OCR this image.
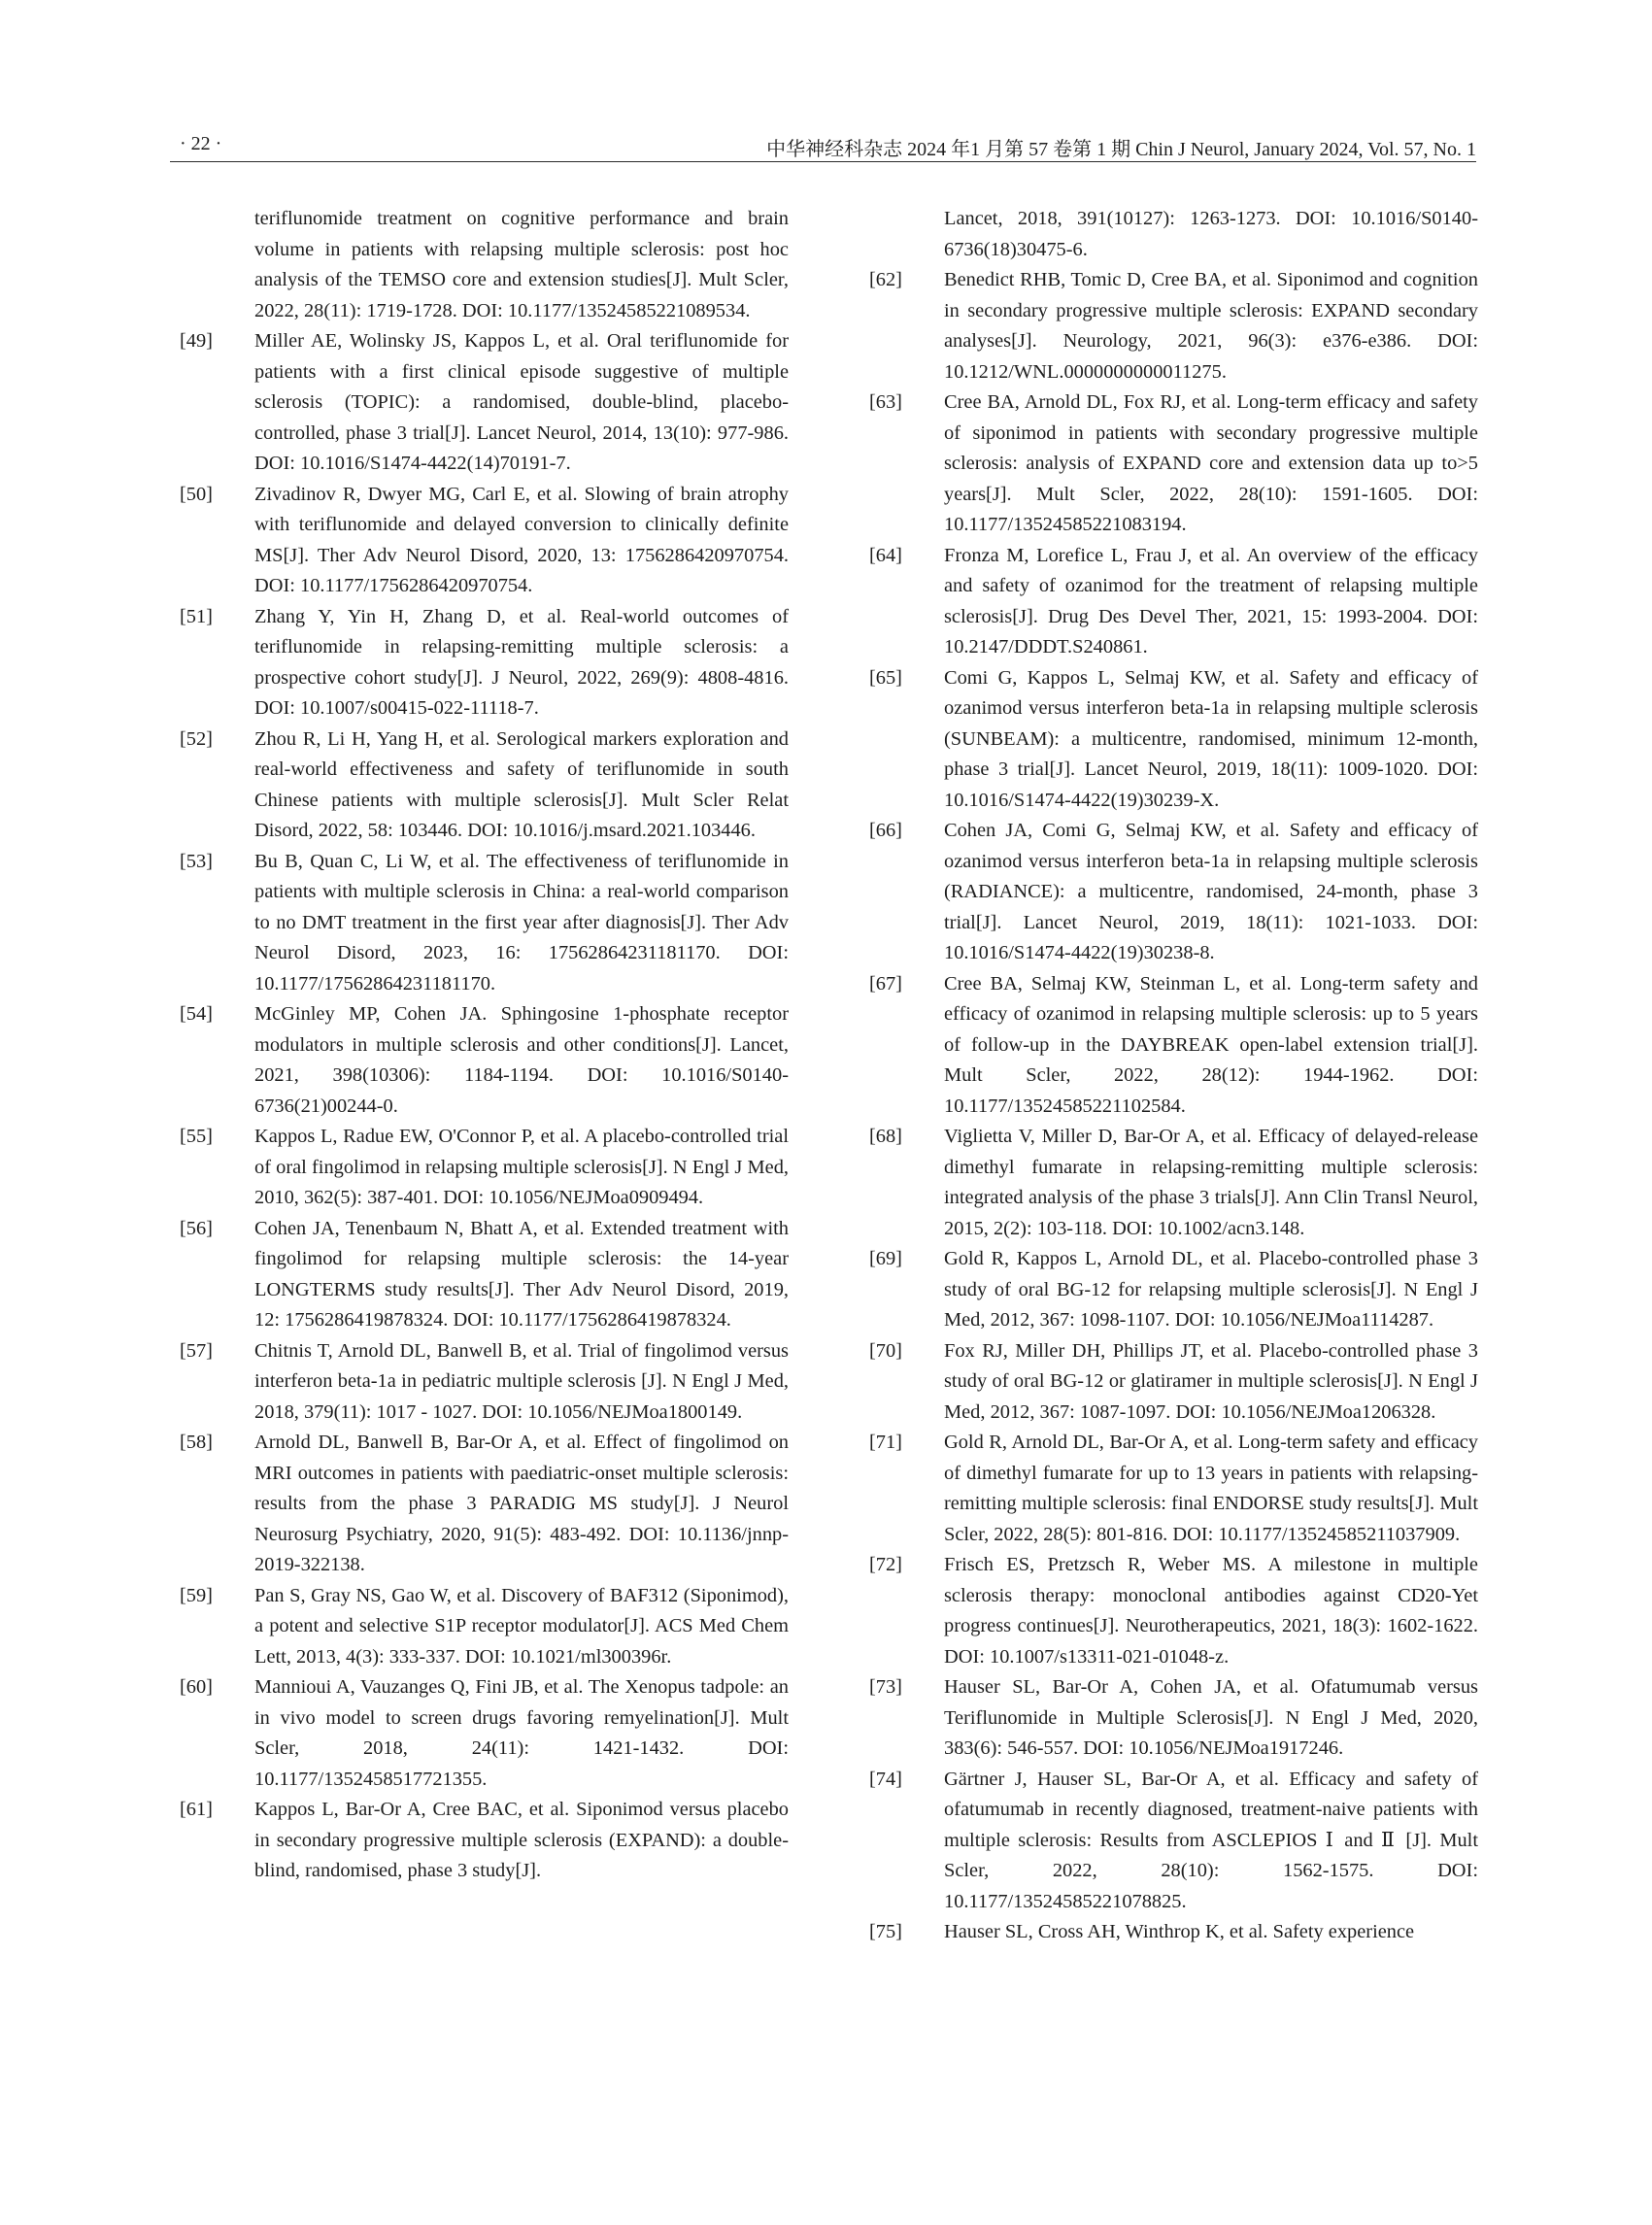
· 22 ·	中华神经科杂志 2024 年1 月第 57 卷第 1 期 Chin J Neurol, January 2024, Vol. 57, No. 1

teriflunomide treatment on cognitive performance and brain volume in patients with relapsing multiple sclerosis: post hoc analysis of the TEMSO core and extension studies[J]. Mult Scler, 2022, 28(11): 1719-1728. DOI: 10.1177/13524585221089534.

[49] Miller AE, Wolinsky JS, Kappos L, et al. Oral teriflunomide for patients with a first clinical episode suggestive of multiple sclerosis (TOPIC): a randomised, double-blind, placebo-controlled, phase 3 trial[J]. Lancet Neurol, 2014, 13(10): 977-986. DOI: 10.1016/S1474-4422(14)70191-7.

[50] Zivadinov R, Dwyer MG, Carl E, et al. Slowing of brain atrophy with teriflunomide and delayed conversion to clinically definite MS[J]. Ther Adv Neurol Disord, 2020, 13: 1756286420970754. DOI: 10.1177/1756286420970754.

[51] Zhang Y, Yin H, Zhang D, et al. Real-world outcomes of teriflunomide in relapsing-remitting multiple sclerosis: a prospective cohort study[J]. J Neurol, 2022, 269(9): 4808-4816. DOI: 10.1007/s00415-022-11118-7.

[52] Zhou R, Li H, Yang H, et al. Serological markers exploration and real-world effectiveness and safety of teriflunomide in south Chinese patients with multiple sclerosis[J]. Mult Scler Relat Disord, 2022, 58: 103446. DOI: 10.1016/j.msard.2021.103446.

[53] Bu B, Quan C, Li W, et al. The effectiveness of teriflunomide in patients with multiple sclerosis in China: a real-world comparison to no DMT treatment in the first year after diagnosis[J]. Ther Adv Neurol Disord, 2023, 16: 17562864231181170. DOI: 10.1177/17562864231181170.

[54] McGinley MP, Cohen JA. Sphingosine 1-phosphate receptor modulators in multiple sclerosis and other conditions[J]. Lancet, 2021, 398(10306): 1184-1194. DOI: 10.1016/S0140-6736(21)00244-0.

[55] Kappos L, Radue EW, O'Connor P, et al. A placebo-controlled trial of oral fingolimod in relapsing multiple sclerosis[J]. N Engl J Med, 2010, 362(5): 387-401. DOI: 10.1056/NEJMoa0909494.

[56] Cohen JA, Tenenbaum N, Bhatt A, et al. Extended treatment with fingolimod for relapsing multiple sclerosis: the 14-year LONGTERMS study results[J]. Ther Adv Neurol Disord, 2019, 12: 1756286419878324. DOI: 10.1177/1756286419878324.

[57] Chitnis T, Arnold DL, Banwell B, et al. Trial of fingolimod versus interferon beta-1a in pediatric multiple sclerosis [J]. N Engl J Med, 2018, 379(11): 1017 - 1027. DOI: 10.1056/NEJMoa1800149.

[58] Arnold DL, Banwell B, Bar-Or A, et al. Effect of fingolimod on MRI outcomes in patients with paediatric-onset multiple sclerosis: results from the phase 3 PARADIG MS study[J]. J Neurol Neurosurg Psychiatry, 2020, 91(5): 483-492. DOI: 10.1136/jnnp-2019-322138.

[59] Pan S, Gray NS, Gao W, et al. Discovery of BAF312 (Siponimod), a potent and selective S1P receptor modulator[J]. ACS Med Chem Lett, 2013, 4(3): 333-337. DOI: 10.1021/ml300396r.

[60] Mannioui A, Vauzanges Q, Fini JB, et al. The Xenopus tadpole: an in vivo model to screen drugs favoring remyelination[J]. Mult Scler, 2018, 24(11): 1421-1432. DOI: 10.1177/1352458517721355.

[61] Kappos L, Bar-Or A, Cree BAC, et al. Siponimod versus placebo in secondary progressive multiple sclerosis (EXPAND): a double-blind, randomised, phase 3 study[J].

Lancet, 2018, 391(10127): 1263-1273. DOI: 10.1016/S0140-6736(18)30475-6.

[62] Benedict RHB, Tomic D, Cree BA, et al. Siponimod and cognition in secondary progressive multiple sclerosis: EXPAND secondary analyses[J]. Neurology, 2021, 96(3): e376-e386. DOI: 10.1212/WNL.0000000000011275.

[63] Cree BA, Arnold DL, Fox RJ, et al. Long-term efficacy and safety of siponimod in patients with secondary progressive multiple sclerosis: analysis of EXPAND core and extension data up to>5 years[J]. Mult Scler, 2022, 28(10): 1591-1605. DOI: 10.1177/13524585221083194.

[64] Fronza M, Lorefice L, Frau J, et al. An overview of the efficacy and safety of ozanimod for the treatment of relapsing multiple sclerosis[J]. Drug Des Devel Ther, 2021, 15: 1993-2004. DOI: 10.2147/DDDT.S240861.

[65] Comi G, Kappos L, Selmaj KW, et al. Safety and efficacy of ozanimod versus interferon beta-1a in relapsing multiple sclerosis (SUNBEAM): a multicentre, randomised, minimum 12-month, phase 3 trial[J]. Lancet Neurol, 2019, 18(11): 1009-1020. DOI: 10.1016/S1474-4422(19)30239-X.

[66] Cohen JA, Comi G, Selmaj KW, et al. Safety and efficacy of ozanimod versus interferon beta-1a in relapsing multiple sclerosis (RADIANCE): a multicentre, randomised, 24-month, phase 3 trial[J]. Lancet Neurol, 2019, 18(11): 1021-1033. DOI: 10.1016/S1474-4422(19)30238-8.

[67] Cree BA, Selmaj KW, Steinman L, et al. Long-term safety and efficacy of ozanimod in relapsing multiple sclerosis: up to 5 years of follow-up in the DAYBREAK open-label extension trial[J]. Mult Scler, 2022, 28(12): 1944-1962. DOI: 10.1177/13524585221102584.

[68] Viglietta V, Miller D, Bar-Or A, et al. Efficacy of delayed-release dimethyl fumarate in relapsing-remitting multiple sclerosis: integrated analysis of the phase 3 trials[J]. Ann Clin Transl Neurol, 2015, 2(2): 103-118. DOI: 10.1002/acn3.148.

[69] Gold R, Kappos L, Arnold DL, et al. Placebo-controlled phase 3 study of oral BG-12 for relapsing multiple sclerosis[J]. N Engl J Med, 2012, 367: 1098-1107. DOI: 10.1056/NEJMoa1114287.

[70] Fox RJ, Miller DH, Phillips JT, et al. Placebo-controlled phase 3 study of oral BG-12 or glatiramer in multiple sclerosis[J]. N Engl J Med, 2012, 367: 1087-1097. DOI: 10.1056/NEJMoa1206328.

[71] Gold R, Arnold DL, Bar-Or A, et al. Long-term safety and efficacy of dimethyl fumarate for up to 13 years in patients with relapsing-remitting multiple sclerosis: final ENDORSE study results[J]. Mult Scler, 2022, 28(5): 801-816. DOI: 10.1177/13524585211037909.

[72] Frisch ES, Pretzsch R, Weber MS. A milestone in multiple sclerosis therapy: monoclonal antibodies against CD20-Yet progress continues[J]. Neurotherapeutics, 2021, 18(3): 1602-1622. DOI: 10.1007/s13311-021-01048-z.

[73] Hauser SL, Bar-Or A, Cohen JA, et al. Ofatumumab versus Teriflunomide in Multiple Sclerosis[J]. N Engl J Med, 2020, 383(6): 546-557. DOI: 10.1056/NEJMoa1917246.

[74] Gärtner J, Hauser SL, Bar-Or A, et al. Efficacy and safety of ofatumumab in recently diagnosed, treatment-naive patients with multiple sclerosis: Results from ASCLEPIOS Ⅰ and Ⅱ [J]. Mult Scler, 2022, 28(10): 1562-1575. DOI: 10.1177/13524585221078825.

[75] Hauser SL, Cross AH, Winthrop K, et al. Safety experience
